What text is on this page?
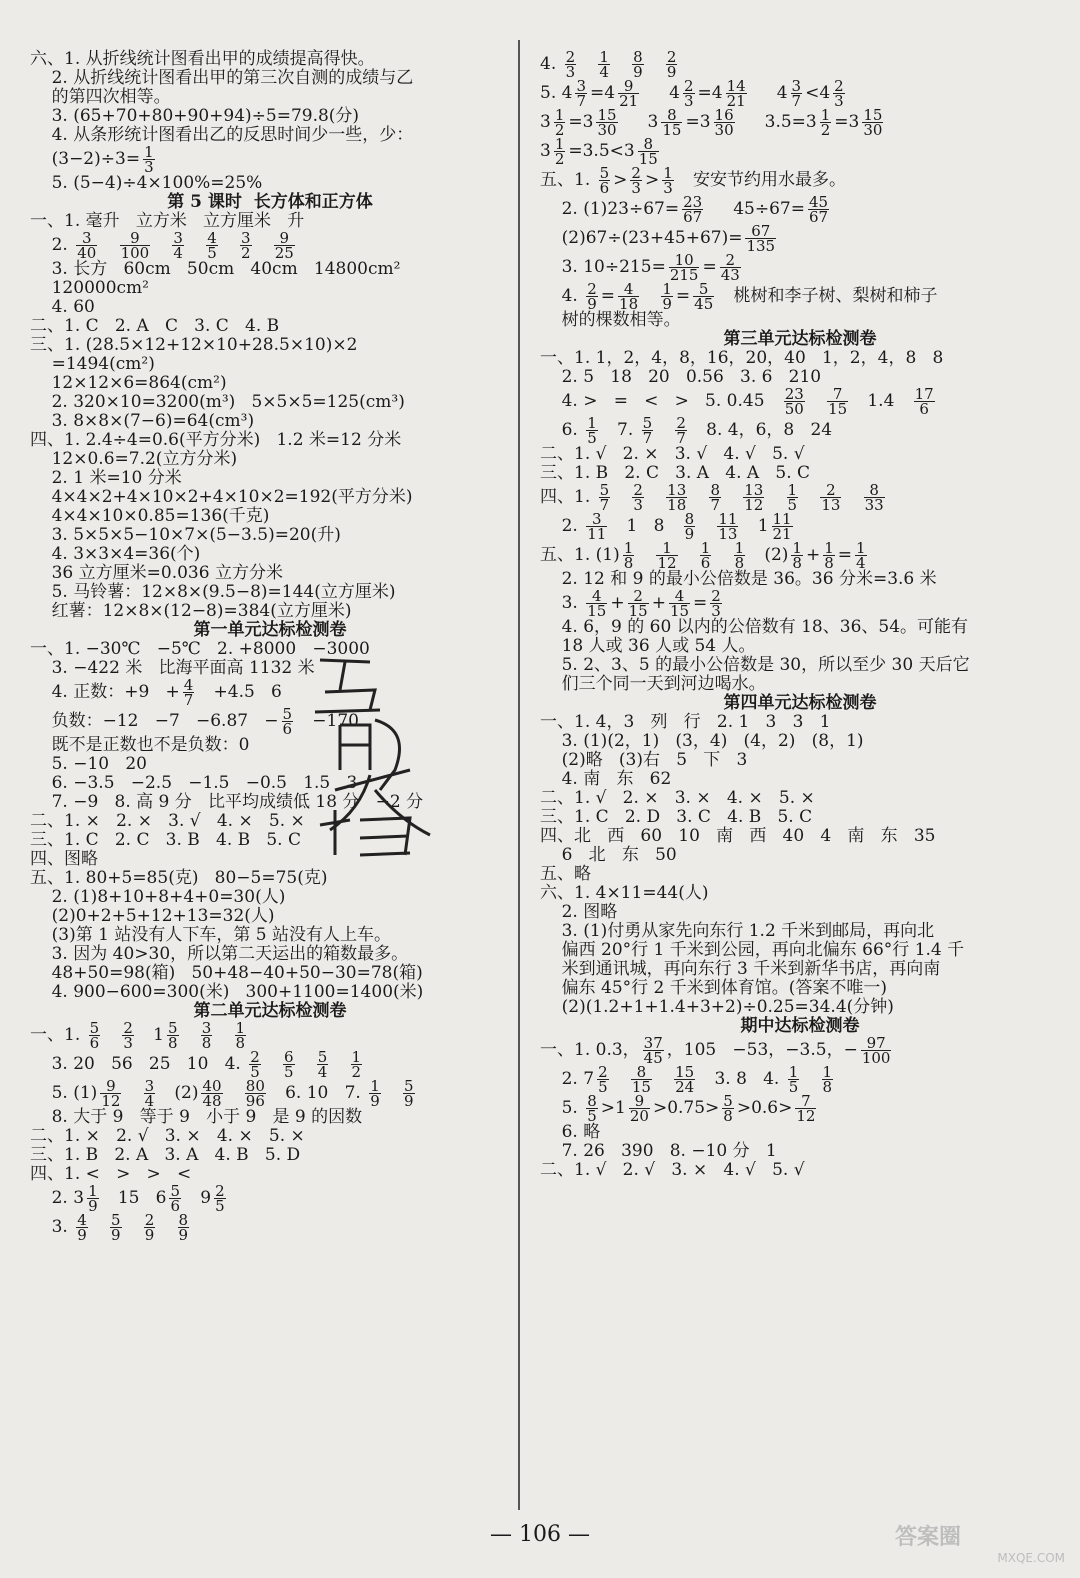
六、1. 从折线统计图看出甲的成绩提高得快。
2. 从折线统计图看出甲的第三次自测的成绩与乙
的第四次相等。
3. (65+70+80+90+94)÷5=79.8(分)
4. 从条形统计图看出乙的反思时间少一些，少：
$(3-2)\div 3= \frac{1}{3}$
5. (5−4)÷4×100%=25%
第 5 课时  长方体和正方体
一、1. 毫升   立方米   立方厘米   升
2. $\frac{3}{40}$
$\frac{9}{100}$
$\frac{3}{4}$
$\frac{4}{5}$
$\frac{3}{2}$
$\frac{9}{25}$
3. 长方   60cm   50cm   40cm   14800cm²
120000cm²
4. 60
二、1. C   2. A   C   3. C   4. B
三、1. (28.5×12+12×10+28.5×10)×2
=1494(cm²)
12×12×6=864(cm²)
2. 320×10=3200(m³)   5×5×5=125(cm³)
3. 8×8×(7−6)=64(cm³)
四、1. 2.4÷4=0.6(平方分米)   1.2 米=12 分米
12×0.6=7.2(立方分米)
2. 1 米=10 分米
4×4×2+4×10×2+4×10×2=192(平方分米)
4×4×10×0.85=136(千克)
3. 5×5×5−10×7×(5−3.5)=20(升)
4. 3×3×4=36(个)
36 立方厘米=0.036 立方分米
5. 马铃薯：12×8×(9.5−8)=144(立方厘米)
红薯：12×8×(12−8)=384(立方厘米)
第一单元达标检测卷
一、1. −30℃   −5℃   2. +8000   −3000
3. −422 米   比海平面高 1132 米
4. 正数：$+9 + \frac{4}{7} +4.5$   6
负数：$-12 -7 -6.87 - \frac{5}{6} -170$
既不是正数也不是负数：0
5. −10   20
6. −3.5   −2.5   −1.5   −0.5   1.5   3
7. −9   8. 高 9 分   比平均成绩低 18 分   −2 分
二、1. ×   2. ×   3. √   4. ×   5. ×
三、1. C   2. C   3. B   4. B   5. C
四、图略
五、1. 80+5=85(克)   80−5=75(克)
2. (1)8+10+8+4+0=30(人)
(2)0+2+5+12+13=32(人)
(3)第 1 站没有人下车，第 5 站没有人上车。
3. 因为 40>30，所以第二天运出的箱数最多。
48+50=98(箱)   50+48−40+50−30=78(箱)
4. 900−600=300(米)   300+1100=1400(米)
第二单元达标检测卷
一、1. $\frac{5}{6}$
$\frac{2}{3} 1 \frac{5}{8}$
$\frac{3}{8}$
$\frac{1}{8}$
3. 20   56   25   10   4. $\frac{2}{5}$
$\frac{6}{5}$
$\frac{5}{4}$
$\frac{1}{2}$
5. $(1) \frac{9}{12}$
$\frac{3}{4} (2) \frac{40}{48}$
$\frac{80}{96} 6$. 10   7. $\frac{1}{9}$
$\frac{5}{9}$
8. 大于 9   等于 9   小于 9   是 9 的因数
二、1. ×   2. √   3. ×   4. ×   5. ×
三、1. B   2. A   3. A   4. B   5. D
四、1. <   >   >   <
2. $3 \frac{1}{9} 15$   $6 \frac{5}{6} 9 \frac{2}{5}$
3. $\frac{4}{9}$
$\frac{5}{9}$
$\frac{2}{9}$
$\frac{8}{9}$
4. $\frac{2}{3}$
$\frac{1}{4}$
$\frac{8}{9}$
$\frac{2}{9}$
5. $4 \frac{3}{7} =4 \frac{9}{21} 4 \frac{2}{3} =4 \frac{14}{21} 4 \frac{3}{7} <4 \frac{2}{3}$
$3 \frac{1}{2} =3 \frac{15}{30} 3 \frac{8}{15} =3 \frac{16}{30} 3.5=3 \frac{1}{2} =3 \frac{15}{30}$
$3 \frac{1}{2} =3.5<3 \frac{8}{15}$
五、1. $\frac{5}{6} > \frac{2}{3} > \frac{1}{3}$ 安安节约用水最多。
2. $(1)23\div 67= \frac{23}{67} 45\div 67= \frac{45}{67}$
$(2)67\div(23+45+67)= \frac{67}{135}$
3. $10\div 215= \frac{10}{215} = \frac{2}{43}$
4. $\frac{2}{9} = \frac{4}{18}$
$\frac{1}{9} = \frac{5}{45}$ 桃树和李子树、梨树和柿子
树的棵数相等。
第三单元达标检测卷
一、1. 1，2，4，8，16，20，40   1，2，4，8   8
2. 5   18   20   0.56   3. 6   210
4. >   =   <   >   5. $0.45 \frac{23}{50}$
$\frac{7}{15} 1.4 \frac{17}{6}$
6. $\frac{1}{5} 7$. $\frac{5}{7}$
$\frac{2}{7} 8$. 4，6，8   24
二、1. √   2. ×   3. √   4. √   5. √
三、1. B   2. C   3. A   4. A   5. C
四、1. $\frac{5}{7}$
$\frac{2}{3}$
$\frac{13}{18}$
$\frac{8}{7}$
$\frac{13}{12}$
$\frac{1}{5}$
$\frac{2}{13}$
$\frac{8}{33}$
2. $\frac{3}{11} 1$   $8 \frac{8}{9}$
$\frac{11}{13} 1 \frac{11}{21}$
五、1. $(1) \frac{1}{8}$
$\frac{1}{12}$
$\frac{1}{6}$
$\frac{1}{8} (2) \frac{1}{8} + \frac{1}{8} = \frac{1}{4}$
2. 12 和 9 的最小公倍数是 36。36 分米=3.6 米
3. $\frac{4}{15} + \frac{2}{15} + \frac{4}{15} = \frac{2}{3}$
4. 6，9 的 60 以内的公倍数有 18、36、54。可能有
18 人或 36 人或 54 人。
5. 2、3、5 的最小公倍数是 30，所以至少 30 天后它
们三个同一天到河边喝水。
第四单元达标检测卷
一、1. 4，3   列   行   2. 1   3   3   1
3. (1)(2，1)   (3，4)   (4，2)   (8，1)
(2)略   (3)右   5   下   3
4. 南   东   62
二、1. √   2. ×   3. ×   4. ×   5. ×
三、1. C   2. D   3. C   4. B   5. C
四、北   西   60   10   南   西   40   4   南   东   35
6   北   东   50
五、略
六、1. 4×11=44(人)
2. 图略
3. (1)付勇从家先向东行 1.2 千米到邮局，再向北
偏西 20°行 1 千米到公园，再向北偏东 66°行 1.4 千
米到通讯城，再向东行 3 千米到新华书店，再向南
偏东 45°行 2 千米到体育馆。(答案不唯一)
(2)(1.2+1+1.4+3+2)÷0.25=34.4(分钟)
期中达标检测卷
一、1. 0.3， $\frac{37}{45}$ ，105   −53，−3.5，− $\frac{97}{100}$
2. $7 \frac{2}{5}$
$\frac{8}{15}$
$\frac{15}{24} 3$. 8   4. $\frac{1}{5}$
$\frac{1}{8}$
5. $\frac{8}{5} >1 \frac{9}{20} >0.75> \frac{5}{8} >0.6> \frac{7}{12}$
6. 略
7. 26   390   8. −10 分   1
二、1. √   2. √   3. ×   4. √   5. √
— 106 —	答案圈
MXQE.COM
